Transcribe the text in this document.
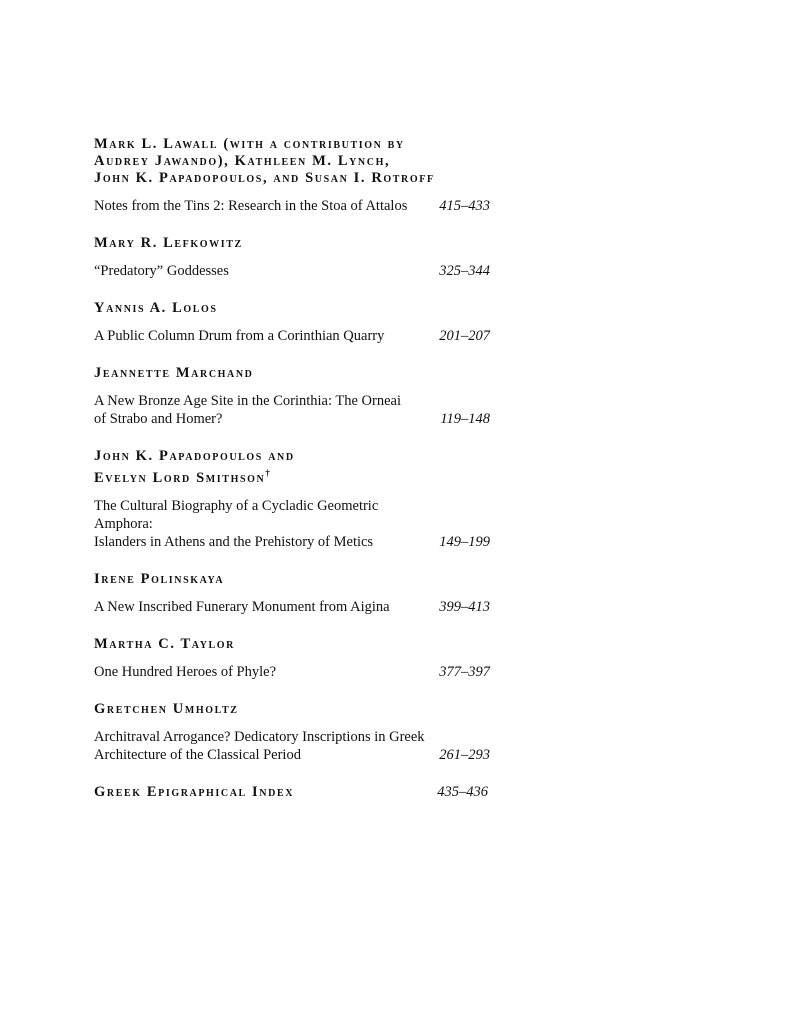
Mark L. Lawall (with a contribution by
Audrey Jawando), Kathleen M. Lynch,
John K. Papadopoulos, and Susan I. Rotroff
Notes from the Tins 2: Research in the Stoa of Attalos	415–433
Mary R. Lefkowitz
“Predatory” Goddesses	325–344
Yannis A. Lolos
A Public Column Drum from a Corinthian Quarry	201–207
Jeannette Marchand
A New Bronze Age Site in the Corinthia: The Orneai
of Strabo and Homer?	119–148
John K. Papadopoulos and
Evelyn Lord Smithson†
The Cultural Biography of a Cycladic Geometric Amphora:
Islanders in Athens and the Prehistory of Metics	149–199
Irene Polinskaya
A New Inscribed Funerary Monument from Aigina	399–413
Martha C. Taylor
One Hundred Heroes of Phyle?	377–397
Gretchen Umholtz
Architraval Arrogance? Dedicatory Inscriptions in Greek
Architecture of the Classical Period	261–293
Greek Epigraphical Index	435–436
